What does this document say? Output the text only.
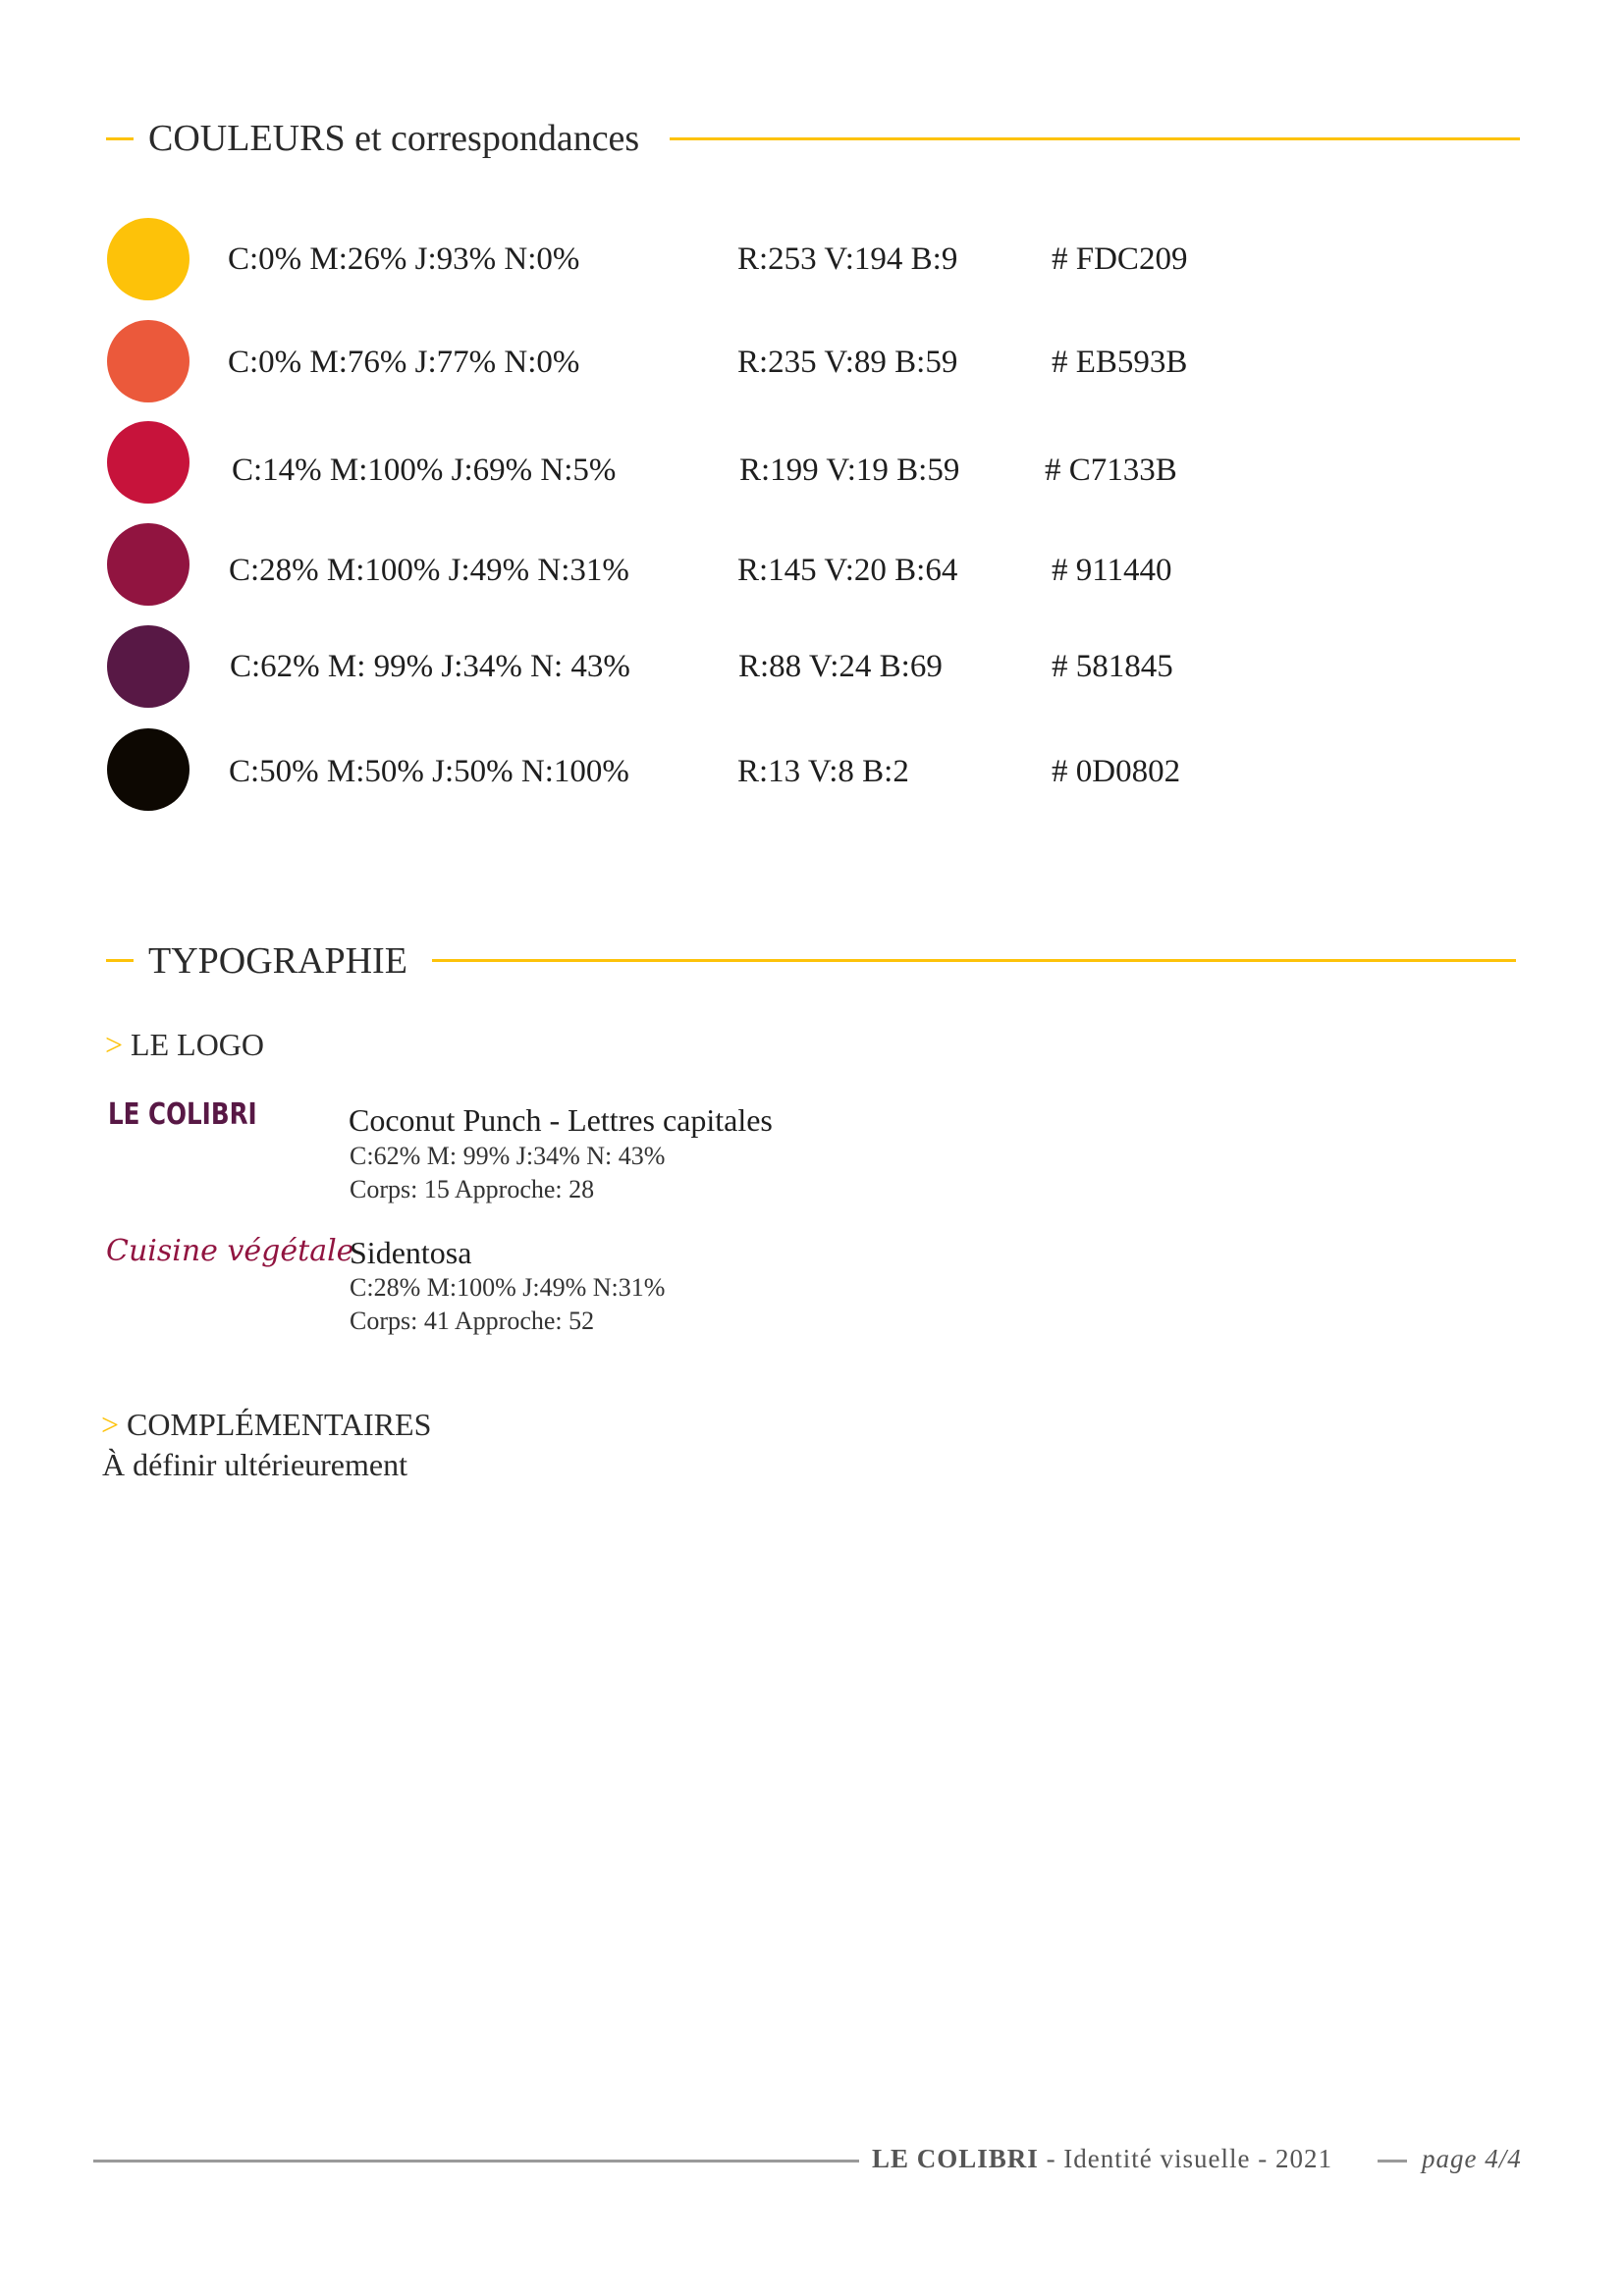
COULEURS et correspondances
C:0% M:26% J:93% N:0%	R:253 V:194 B:9	# FDC209
C:0% M:76% J:77% N:0%	R:235 V:89 B:59	# EB593B
C:14% M:100% J:69% N:5%	R:199 V:19 B:59	# C7133B
C:28% M:100% J:49% N:31%	R:145 V:20 B:64	# 911440
C:62% M: 99% J:34% N: 43%	R:88 V:24 B:69	# 581845
C:50% M:50% J:50% N:100%	R:13 V:8 B:2	# 0D0802
TYPOGRAPHIE
> LE LOGO
LE COLIBRI	Coconut Punch - Lettres capitales
C:62% M: 99% J:34% N: 43%
Corps: 15 Approche: 28
Cuisine végétale
Sidentosa
C:28% M:100% J:49% N:31%
Corps: 41 Approche: 52
> COMPLÉMENTAIRES
À définir ultérieurement
LE COLIBRI - Identité visuelle - 2021	page 4/4
